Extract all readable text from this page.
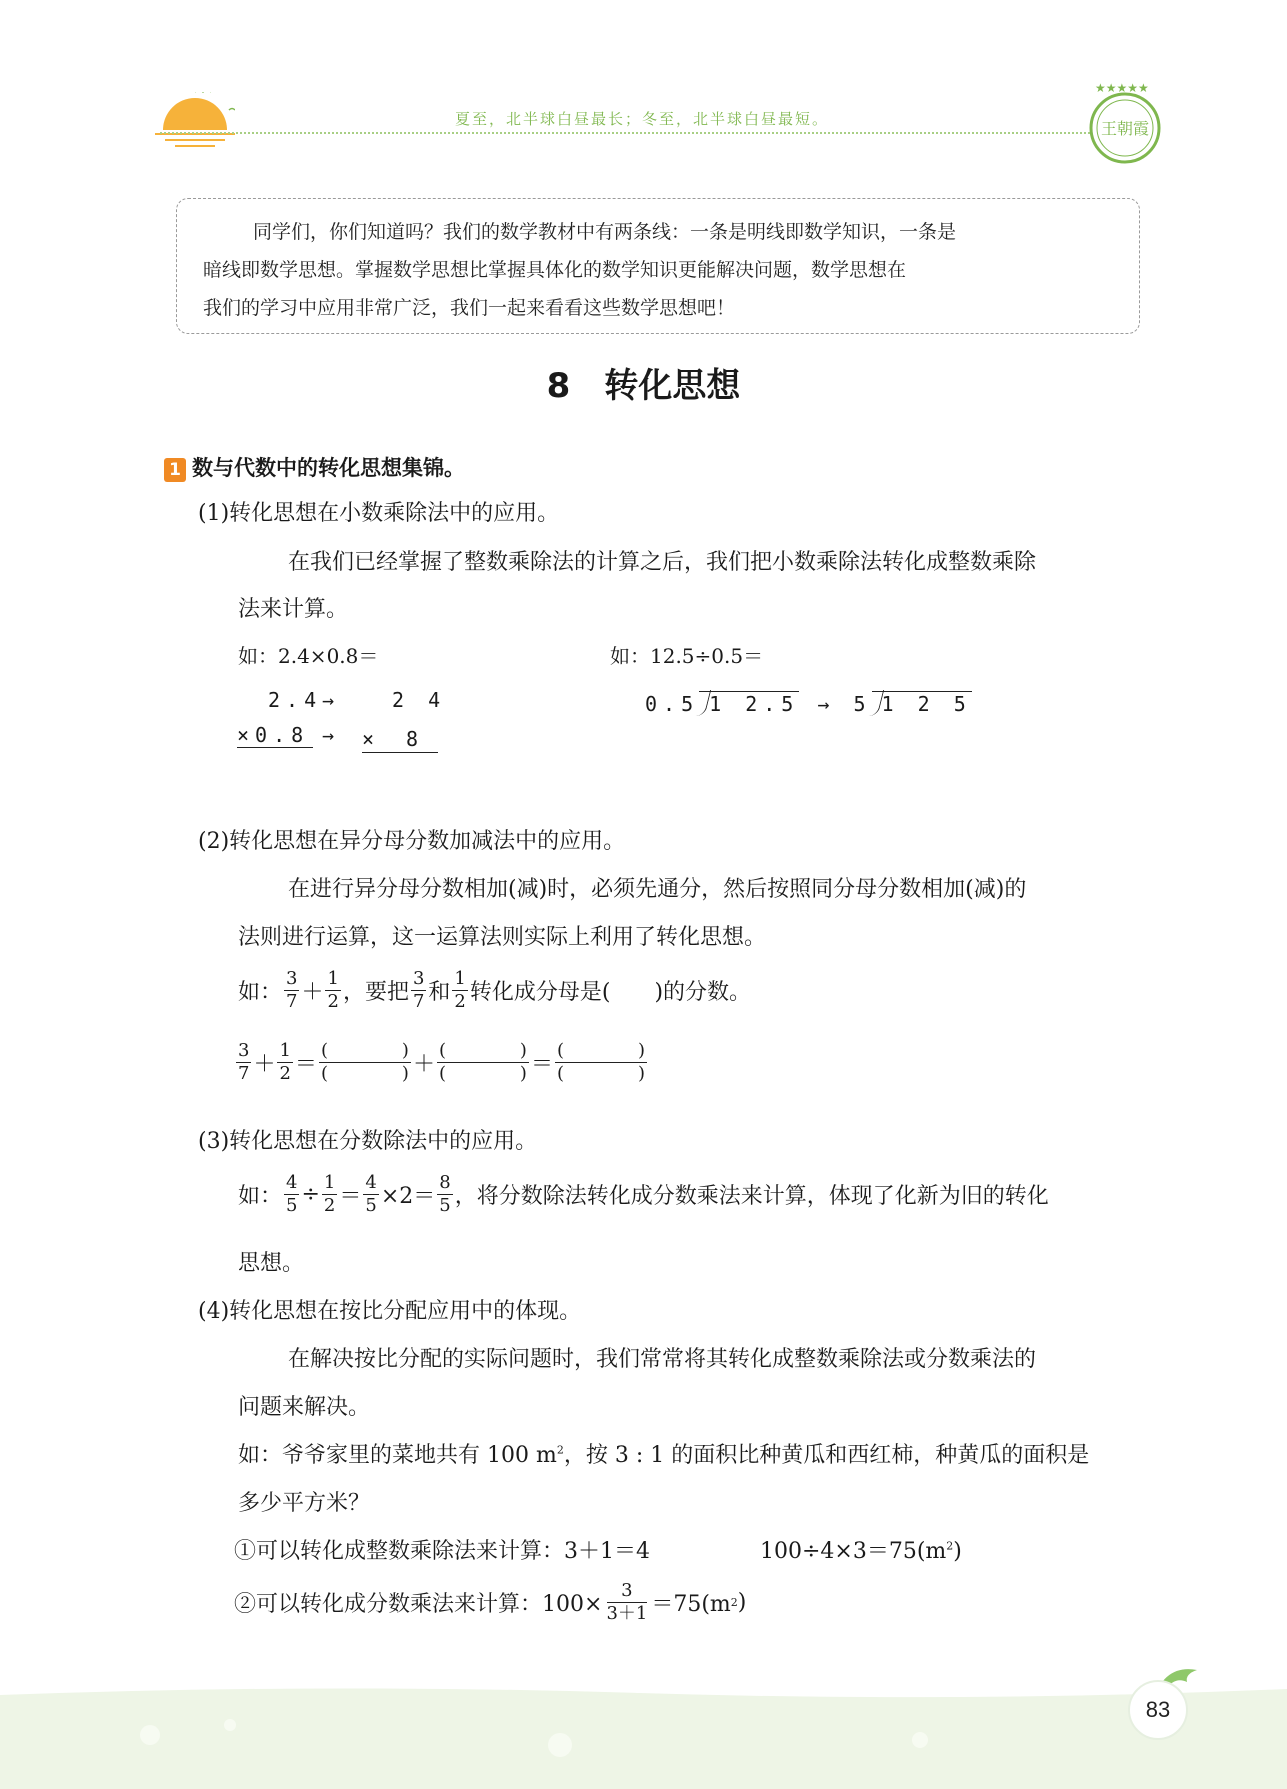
夏至，北半球白昼最长；冬至，北半球白昼最短。
★★★★★
王朝霞
同学们，你们知道吗？我们的数学教材中有两条线：一条是明线即数学知识，一条是
暗线即数学思想。掌握数学思想比掌握具体化的数学知识更能解决问题，数学思想在
我们的学习中应用非常广泛，我们一起来看看这些数学思想吧！
8　转化思想
1 数与代数中的转化思想集锦。
(1)转化思想在小数乘除法中的应用。
在我们已经掌握了整数乘除法的计算之后，我们把小数乘除法转化成整数乘除
法来计算。
如：2.4×0.8＝	如：12.5÷0.5＝
2.4
×0.8
→
→
2 4
×　8
0.5 1 2.5 → 5 1 2 5
(2)转化思想在异分母分数加减法中的应用。
在进行异分母分数相加(减)时，必须先通分，然后按照同分母分数相加(减)的
法则进行运算，这一运算法则实际上利用了转化思想。
如： $\frac{3}{7} + \frac{1}{2}$ ，要把 $\frac{3}{7}$ 和 $\frac{1}{2}$ 转化成分母是(　　)的分数。
$\frac{3}{7} + \frac{1}{2}$ ＝ (	)
(	) ＋ (	)
(	) ＝ (	)
(	)
(3)转化思想在分数除法中的应用。
如： $\frac{4}{5} \div \frac{1}{2} = \frac{4}{5} \times 2= \frac{8}{5}$ ，将分数除法转化成分数乘法来计算，体现了化新为旧的转化
思想。
(4)转化思想在按比分配应用中的体现。
在解决按比分配的实际问题时，我们常常将其转化成整数乘除法或分数乘法的
问题来解决。
如：爷爷家里的菜地共有 100 $m^2$，按 3 : 1 的面积比种黄瓜和西红柿，种黄瓜的面积是
多少平方米？
①可以转化成整数乘除法来计算：3＋1＝4	$100\div 4\times 3=75(m^2)$
②可以转化成分数乘法来计算：$100\times \frac{3}{3+1} =75(m$ 2 )
83
